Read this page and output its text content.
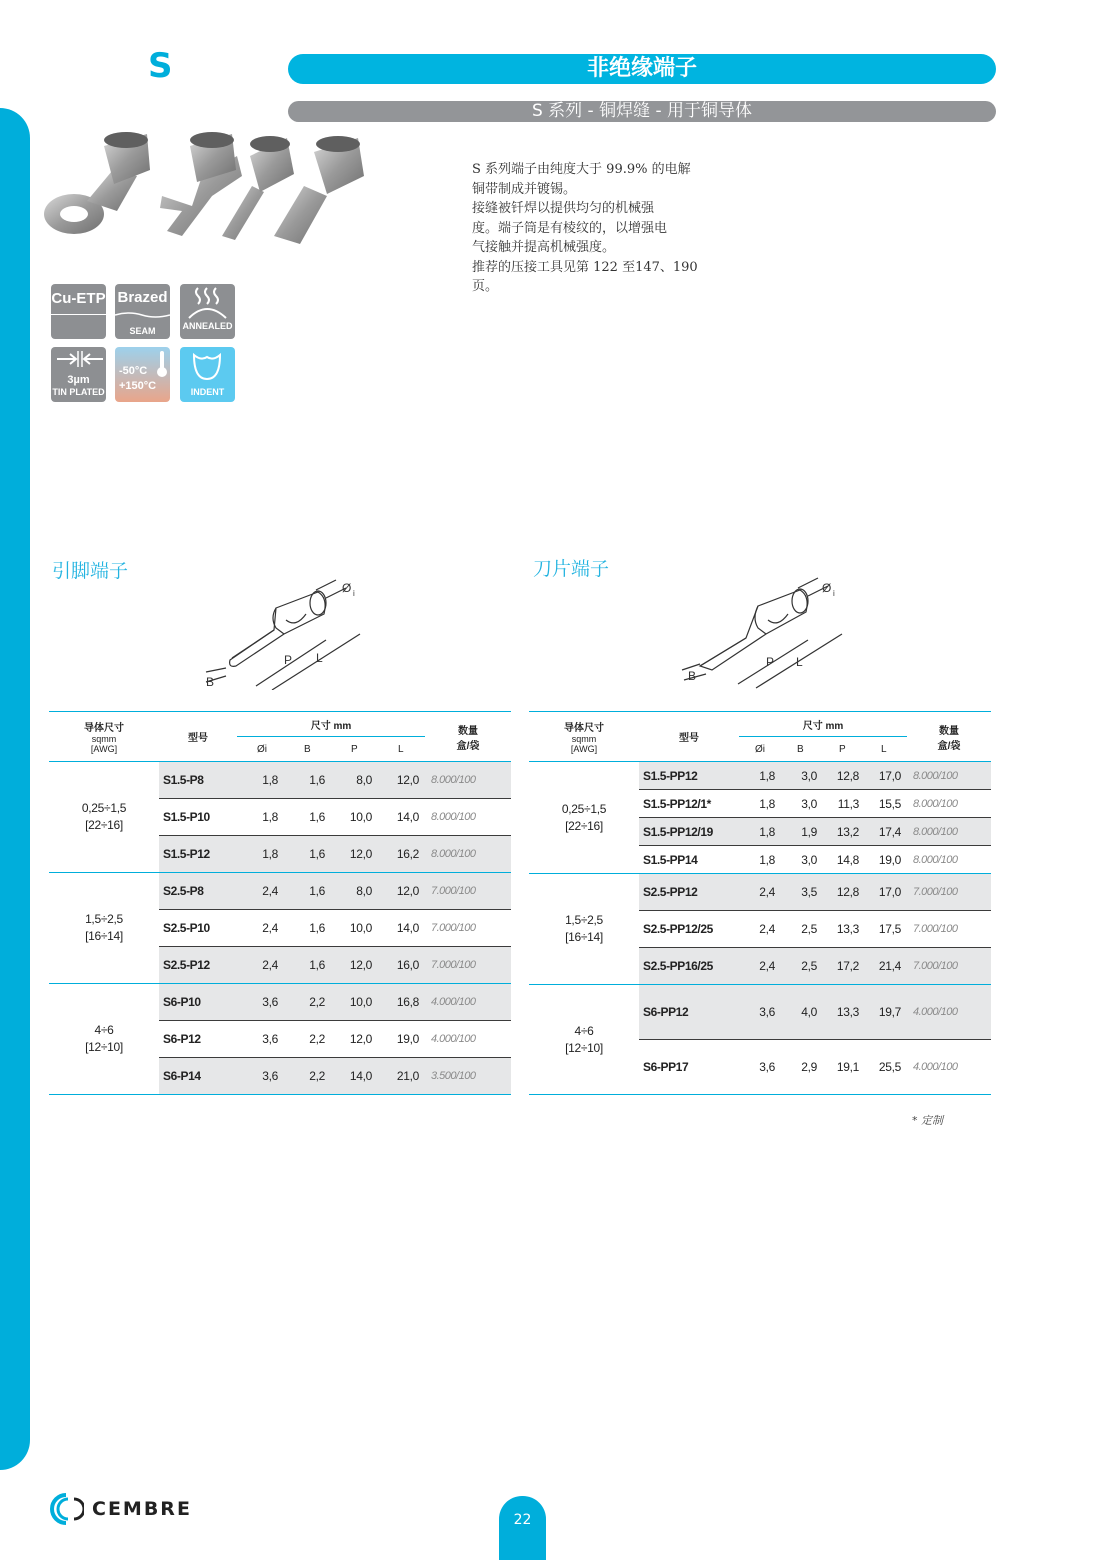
S	非绝缘端子
S 系列 - 铜焊缝 - 用于铜导体

S 系列端子由纯度大于 99.9% 的电解

铜带制成并镀锡。

接缝被钎焊以提供均匀的机械强

度。端子筒是有棱纹的，以增强电

气接触并提高机械强度。

推荐的压接工具见第 122 至147、190

页。

Cu-ETP Brazed
SEAM	ANNEALED
3µm
TIN PLATED
-50°C
+150°C	INDENT
引脚端子	刀片端子
Ø i
B
P L
Ø i
B
P L
导体尺寸
sqmm
[AWG]	型号	尺寸 mm				数量
盒/袋
		Øi	B	P	L	

0,25÷1,5
[22÷16]	S1.5-P8	1,8	1,6	8,0	12,0	8.000/100
	S1.5-P10	1,8	1,6	10,0	14,0	8.000/100
	S1.5-P12	1,8	1,6	12,0	16,2	8.000/100

1,5÷2,5
[16÷14]	S2.5-P8	2,4	1,6	8,0	12,0	7.000/100
	S2.5-P10	2,4	1,6	10,0	14,0	7.000/100
	S2.5-P12	2,4	1,6	12,0	16,0	7.000/100

4÷6
[12÷10]	S6-P10	3,6	2,2	10,0	16,8	4.000/100
	S6-P12	3,6	2,2	12,0	19,0	4.000/100
	S6-P14	3,6	2,2	14,0	21,0	3.500/100
导体尺寸
sqmm
[AWG]	型号	尺寸 mm				数量
盒/袋
		Øi	B	P	L	

0,25÷1,5
[22÷16]	S1.5-PP12	1,8	3,0	12,8	17,0	8.000/100
	S1.5-PP12/1*	1,8	3,0	11,3	15,5	8.000/100
	S1.5-PP12/19	1,8	1,9	13,2	17,4	8.000/100
	S1.5-PP14	1,8	3,0	14,8	19,0	8.000/100

1,5÷2,5
[16÷14]	S2.5-PP12	2,4	3,5	12,8	17,0	7.000/100
	S2.5-PP12/25	2,4	2,5	13,3	17,5	7.000/100
	S2.5-PP16/25	2,4	2,5	17,2	21,4	7.000/100

4÷6
[12÷10]	S6-PP12	3,6	4,0	13,3	19,7	4.000/100
	S6-PP17	3,6	2,9	19,1	25,5	4.000/100
* 定制
CEMBRE	22
